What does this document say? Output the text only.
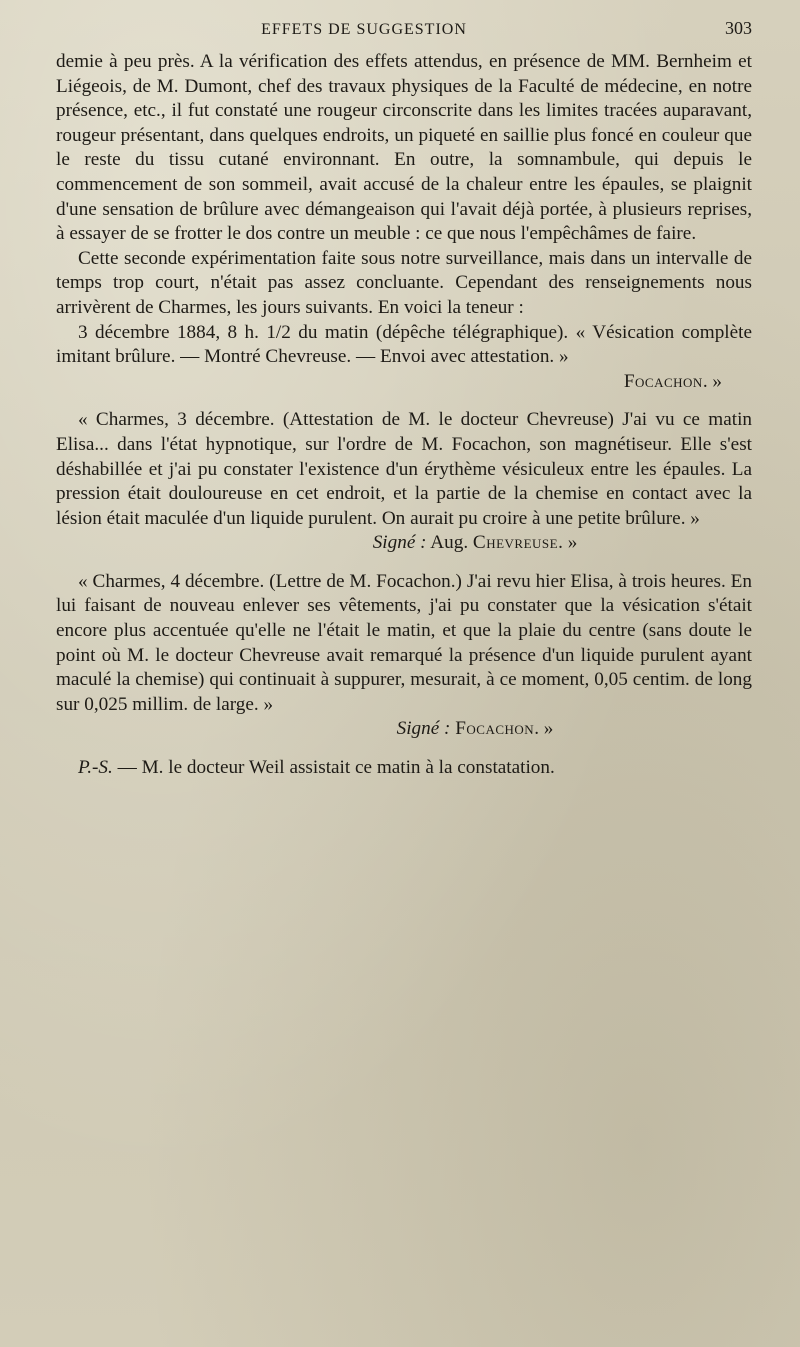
EFFETS DE SUGGESTION	303

demie à peu près. A la vérification des effets attendus, en présence de MM. Bernheim et Liégeois, de M. Dumont, chef des travaux physiques de la Faculté de médecine, en notre présence, etc., il fut constaté une rougeur circonscrite dans les limites tracées auparavant, rougeur présentant, dans quelques endroits, un piqueté en saillie plus foncé en couleur que le reste du tissu cutané environnant. En outre, la somnambule, qui depuis le commencement de son sommeil, avait accusé de la chaleur entre les épaules, se plaignit d'une sensation de brûlure avec démangeaison qui l'avait déjà portée, à plusieurs reprises, à essayer de se frotter le dos contre un meuble : ce que nous l'empêchâmes de faire.

Cette seconde expérimentation faite sous notre surveillance, mais dans un intervalle de temps trop court, n'était pas assez concluante. Cependant des renseignements nous arrivèrent de Charmes, les jours suivants. En voici la teneur :

3 décembre 1884, 8 h. 1/2 du matin (dépêche télégraphique). « Vésication complète imitant brûlure. — Montré Chevreuse. — Envoi avec attestation. »

Focachon. »

« Charmes, 3 décembre. (Attestation de M. le docteur Chevreuse) J'ai vu ce matin Elisa... dans l'état hypnotique, sur l'ordre de M. Focachon, son magnétiseur. Elle s'est déshabillée et j'ai pu constater l'existence d'un érythème vésiculeux entre les épaules. La pression était douloureuse en cet endroit, et la partie de la chemise en contact avec la lésion était maculée d'un liquide purulent. On aurait pu croire à une petite brûlure. »

Signé : Aug. Chevreuse. »

« Charmes, 4 décembre. (Lettre de M. Focachon.) J'ai revu hier Elisa, à trois heures. En lui faisant de nouveau enlever ses vêtements, j'ai pu constater que la vésication s'était encore plus accentuée qu'elle ne l'était le matin, et que la plaie du centre (sans doute le point où M. le docteur Chevreuse avait remarqué la présence d'un liquide purulent ayant maculé la chemise) qui continuait à suppurer, mesurait, à ce moment, 0,05 centim. de long sur 0,025 millim. de large. »

Signé : Focachon. »

P.-S. — M. le docteur Weil assistait ce matin à la constatation.
